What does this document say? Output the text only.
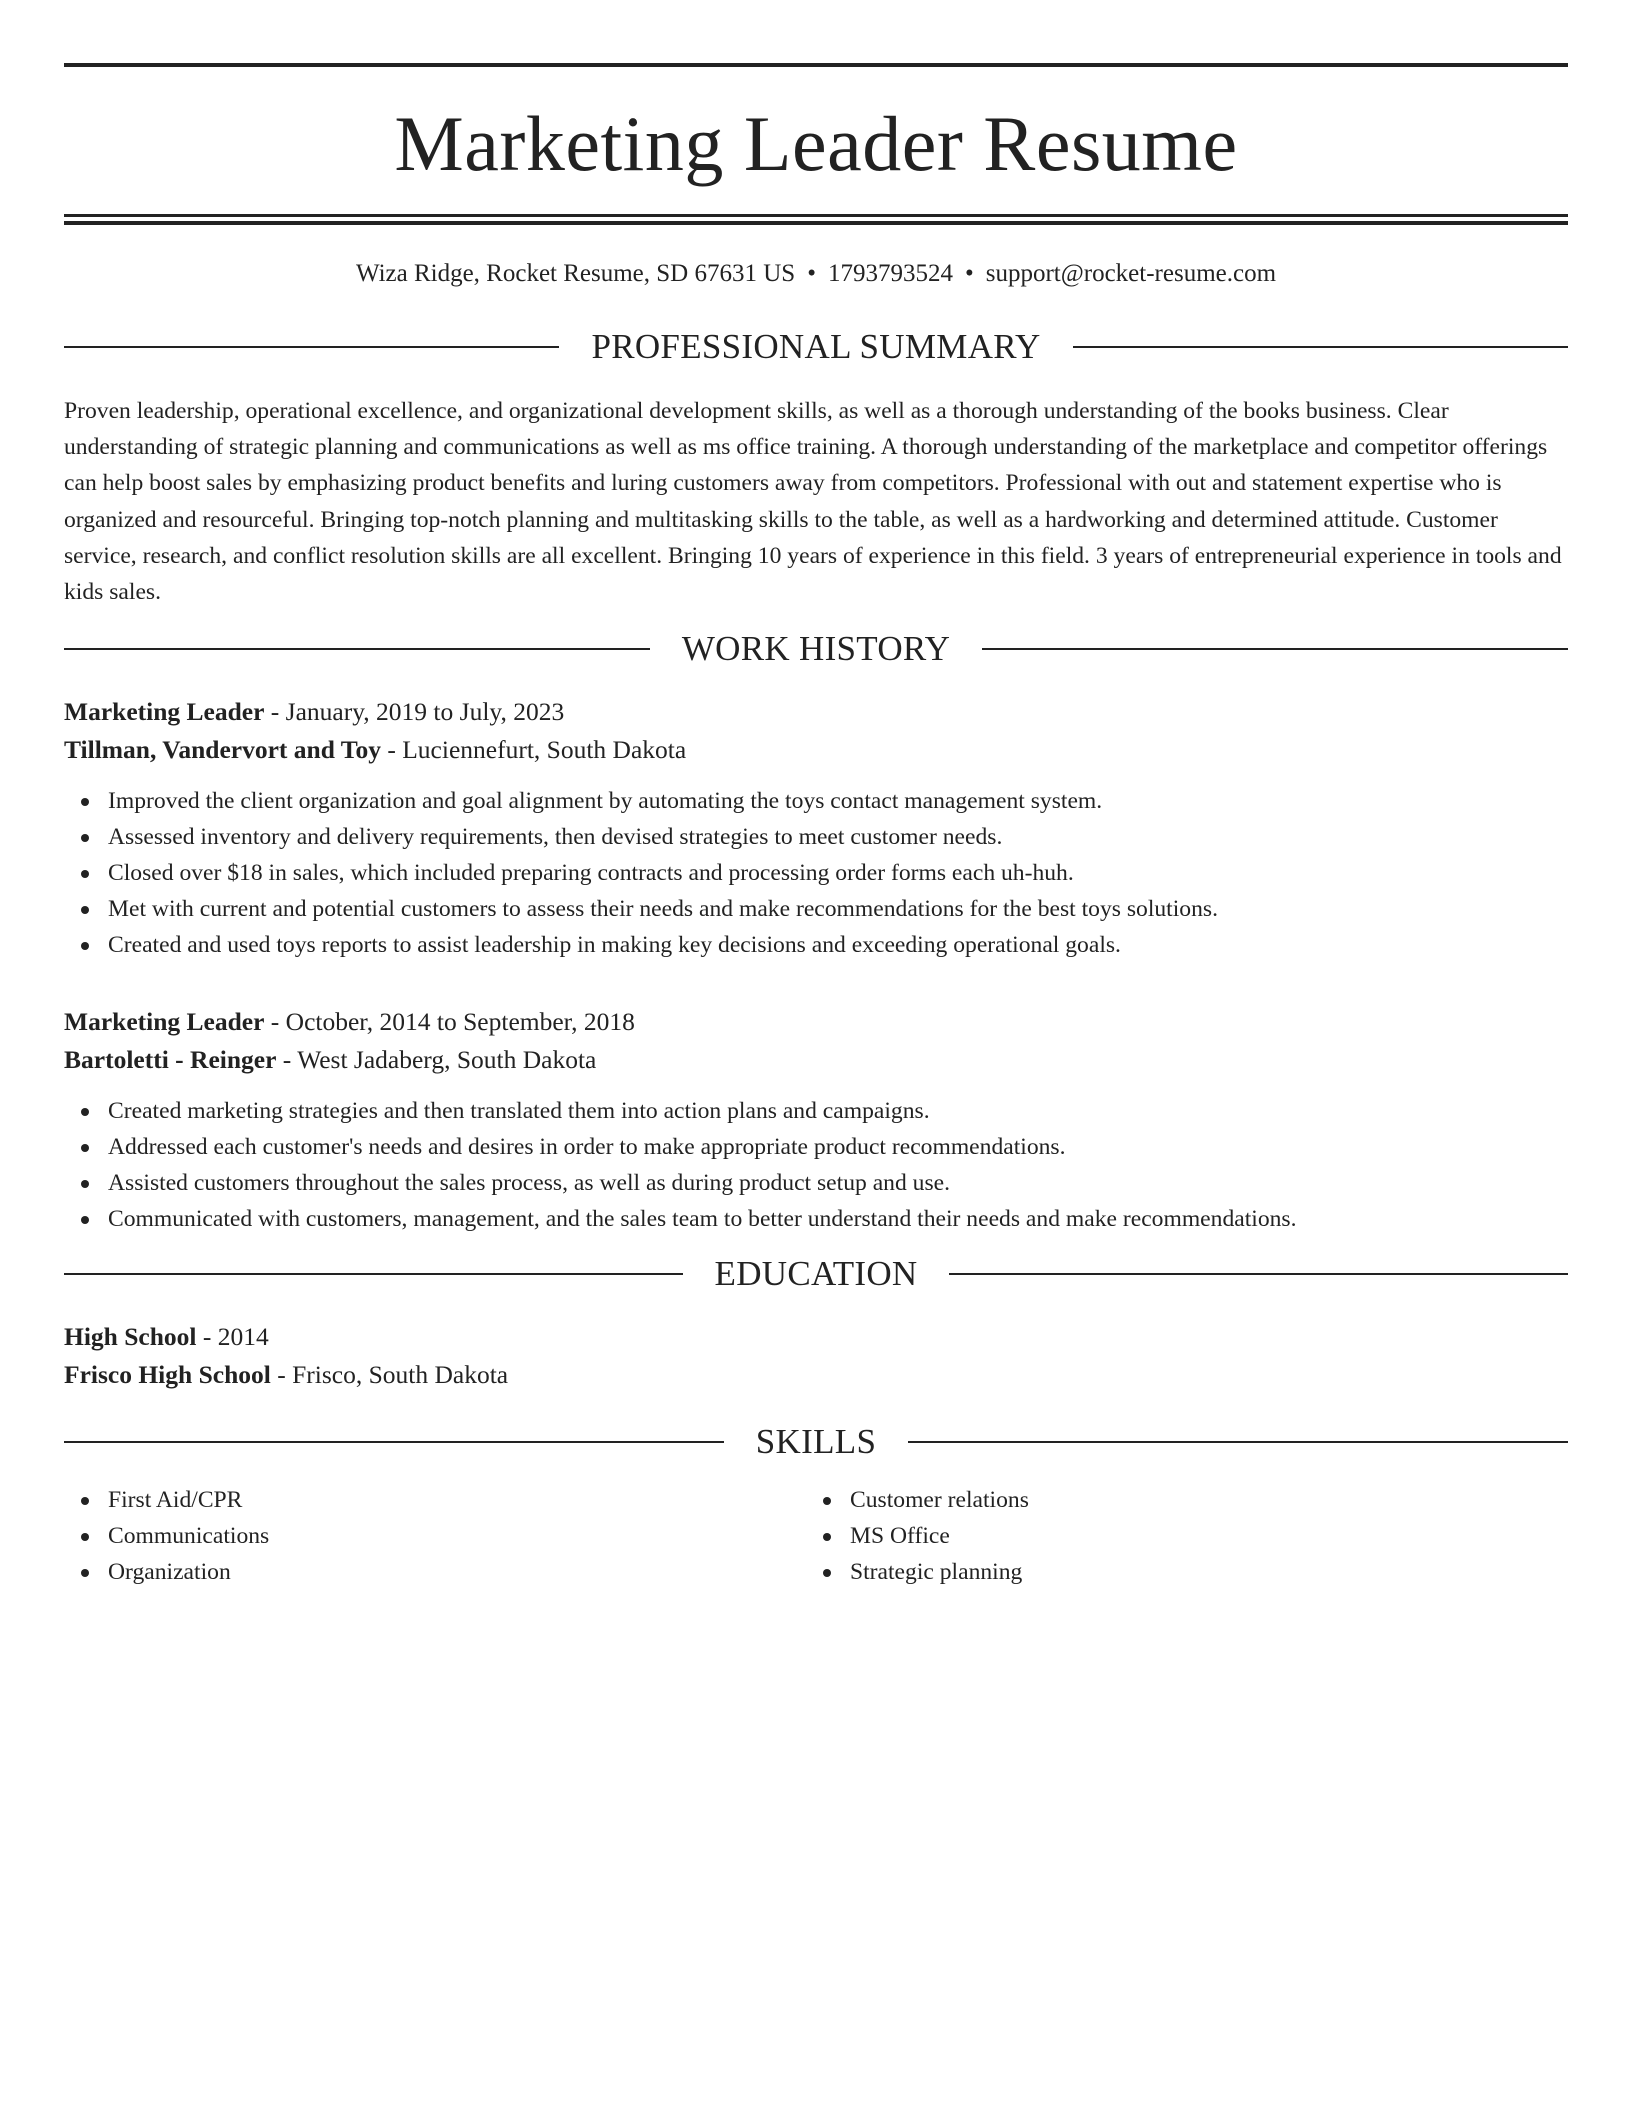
Marketing Leader Resume
Wiza Ridge, Rocket Resume, SD 67631 US • 1793793524 • support@rocket-resume.com
PROFESSIONAL SUMMARY
Proven leadership, operational excellence, and organizational development skills, as well as a thorough understanding of the books business. Clear understanding of strategic planning and communications as well as ms office training. A thorough understanding of the marketplace and competitor offerings can help boost sales by emphasizing product benefits and luring customers away from competitors. Professional with out and statement expertise who is organized and resourceful. Bringing top-notch planning and multitasking skills to the table, as well as a hardworking and determined attitude. Customer service, research, and conflict resolution skills are all excellent. Bringing 10 years of experience in this field. 3 years of entrepreneurial experience in tools and kids sales.
WORK HISTORY
Marketing Leader - January, 2019 to July, 2023
Tillman, Vandervort and Toy - Luciennefurt, South Dakota
Improved the client organization and goal alignment by automating the toys contact management system.
Assessed inventory and delivery requirements, then devised strategies to meet customer needs.
Closed over $18 in sales, which included preparing contracts and processing order forms each uh-huh.
Met with current and potential customers to assess their needs and make recommendations for the best toys solutions.
Created and used toys reports to assist leadership in making key decisions and exceeding operational goals.
Marketing Leader - October, 2014 to September, 2018
Bartoletti - Reinger - West Jadaberg, South Dakota
Created marketing strategies and then translated them into action plans and campaigns.
Addressed each customer's needs and desires in order to make appropriate product recommendations.
Assisted customers throughout the sales process, as well as during product setup and use.
Communicated with customers, management, and the sales team to better understand their needs and make recommendations.
EDUCATION
High School - 2014
Frisco High School - Frisco, South Dakota
SKILLS
First Aid/CPR
Communications
Organization
Customer relations
MS Office
Strategic planning
